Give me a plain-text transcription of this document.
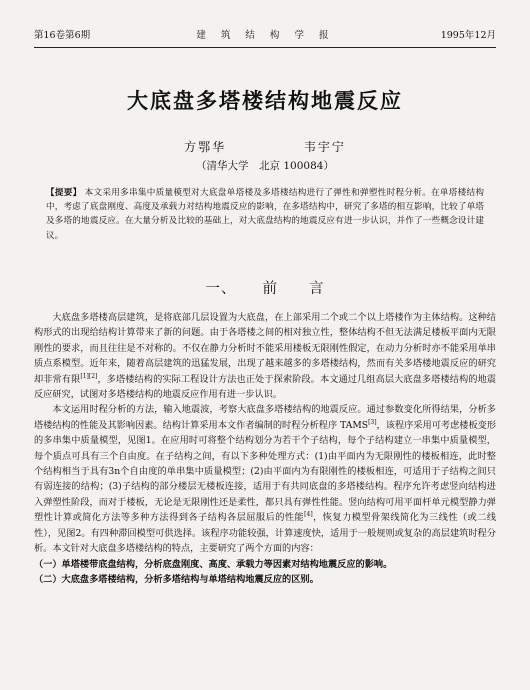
第16卷第6期	建 筑 结 构 学 报	1995年12月
大底盘多塔楼结构地震反应
方鄂华	韦宇宁
（清华大学　北京 100084）
【提要】 本文采用多串集中质量模型对大底盘单塔楼及多塔楼结构进行了弹性和弹塑性时程分析。在单塔楼结构中，考虑了底盘刚度、高度及承载力对结构地震反应的影响，在多塔结构中，研究了多塔的相互影响，比较了单塔及多塔的地震反应。在大量分析及比较的基础上，对大底盘结构的地震反应有进一步认识，并作了一些概念设计建议。
一、 前　　言

大底盘多塔楼高层建筑，是将底部几层设置为大底盘，在上部采用二个或二个以上塔楼作为主体结构。这种结构形式的出现给结构计算带来了新的问题。由于各塔楼之间的相对独立性，整体结构不但无法满足楼板平面内无限刚性的要求，而且往往是不对称的。不仅在静力分析时不能采用楼板无限刚性假定，在动力分析时亦不能采用单串质点系模型。近年来，随着高层建筑的迅猛发展，出现了越来越多的多塔楼结构，然而有关多塔楼地震反应的研究却非常有限[1][2]，多塔楼结构的实际工程设计方法也正处于探索阶段。本文通过几组高层大底盘多塔楼结构的地震反应研究，试图对多塔楼结构的地震反应作用有进一步认识。

本文运用时程分析的方法，输入地震波，考察大底盘多塔楼结构的地震反应。通过参数变化所得结果，分析多塔楼结构的性能及其影响因素。结构计算采用本文作者编制的时程分析程序 TAMS[3]，该程序采用可考虑楼板变形的多串集中质量模型，见图1。在应用时可将整个结构划分为若干个子结构，每个子结构建立一串集中质量模型，每个质点可具有三个自由度。在子结构之间，有以下多种处理方式：(1)由平面内为无限刚性的楼板相连，此时整个结构相当于具有3n个自由度的单串集中质量模型；(2)由平面内为有限刚性的楼板相连，可适用于子结构之间只有弱连接的结构；(3)子结构的部分楼层无楼板连接，适用于有共同底盘的多塔楼结构。程序允许考虑竖向结构进入弹塑性阶段，而对于楼板，无论是无限刚性还是柔性，都只具有弹性性能。竖向结构可用平面杆单元模型静力弹塑性计算或简化方法等多种方法得到各子结构各层屈服后的性能[4]，恢复力模型骨架线简化为三线性（或二线性），见图2。有四种滞回模型可供选择。该程序功能较强，计算速度快，适用于一般规则或复杂的高层建筑时程分析。本文针对大底盘多塔楼结构的特点，主要研究了两个方面的内容：

（一）单塔楼带底盘结构，分析底盘刚度、高度、承载力等因素对结构地震反应的影响。

（二）大底盘多塔楼结构，分析多塔结构与单塔结构地震反应的区别。
